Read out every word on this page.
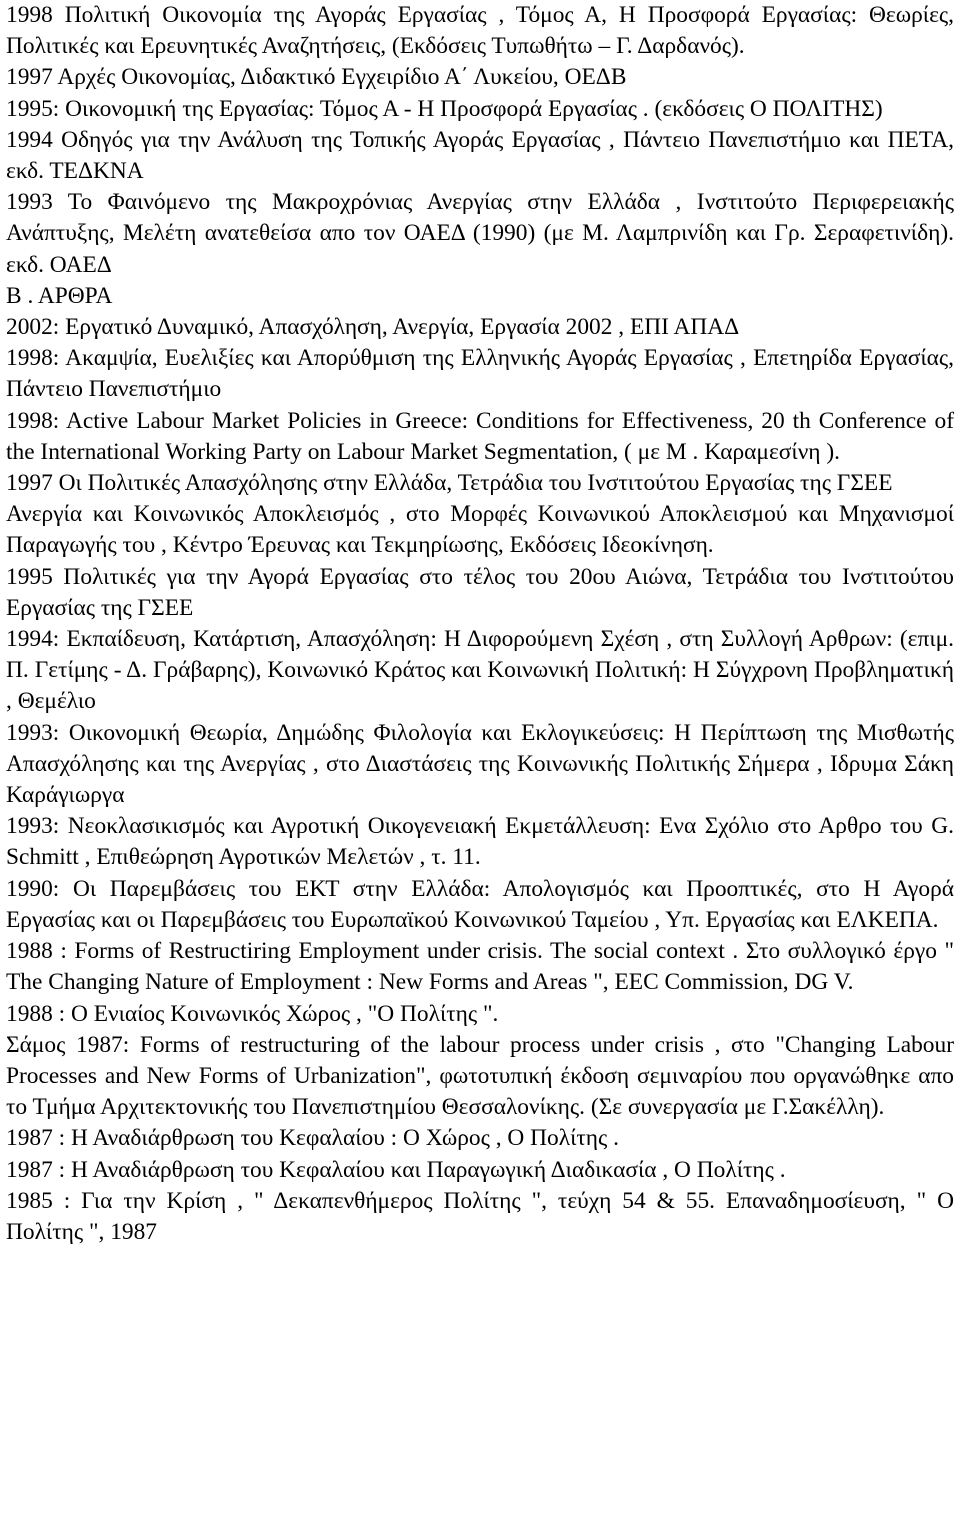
1998 Πολιτική Οικονομία της Αγοράς Εργασίας , Τόμος Α, Η Προσφορά Εργασίας: Θεωρίες, Πολιτικές και Ερευνητικές Αναζητήσεις, (Εκδόσεις Τυπωθήτω – Γ. Δαρδανός).

1997 Αρχές Οικονομίας, Διδακτικό Εγχειρίδιο Α΄ Λυκείου, ΟΕΔΒ

1995: Οικονομική της Εργασίας: Τόμος Α - Η Προσφορά Εργασίας . (εκδόσεις Ο ΠΟΛΙΤΗΣ)

1994 Οδηγός για την Ανάλυση της Τοπικής Αγοράς Εργασίας , Πάντειο Πανεπιστήμιο και ΠΕΤΑ, εκδ. ΤΕΔΚΝΑ

1993 Το Φαινόμενο της Μακροχρόνιας Ανεργίας στην Ελλάδα , Ινστιτούτο Περιφερειακής Ανάπτυξης, Μελέτη ανατεθείσα απο τον ΟΑΕΔ (1990) (με Μ. Λαμπρινίδη και Γρ. Σεραφετινίδη). εκδ. ΟΑΕΔ

Β . ΑΡΘΡΑ

2002: Εργατικό Δυναμικό, Απασχόληση, Ανεργία, Εργασία 2002 , ΕΠΙ ΑΠΑΔ

1998: Ακαμψία, Ευελιξίες και Απορύθμιση της Ελληνικής Αγοράς Εργασίας , Επετηρίδα Εργασίας, Πάντειο Πανεπιστήμιο

1998: Active Labour Market Policies in Greece: Conditions for Effectiveness, 20 th Conference of the International Working Party on Labour Market Segmentation, ( με Μ . Καραμεσίνη ).

1997 Οι Πολιτικές Απασχόλησης στην Ελλάδα, Τετράδια του Ινστιτούτου Εργασίας της ΓΣΕΕ

Ανεργία και Κοινωνικός Αποκλεισμός , στο Μορφές Κοινωνικού Αποκλεισμού και Μηχανισμοί Παραγωγής του , Κέντρο Έρευνας και Τεκμηρίωσης, Εκδόσεις Ιδεοκίνηση.

1995 Πολιτικές για την Αγορά Εργασίας στο τέλος του 20ου Αιώνα, Τετράδια του Ινστιτούτου Εργασίας της ΓΣΕΕ

1994: Εκπαίδευση, Κατάρτιση, Απασχόληση: Η Διφορούμενη Σχέση , στη Συλλογή Αρθρων: (επιμ. Π. Γετίμης - Δ. Γράβαρης), Κοινωνικό Κράτος και Κοινωνική Πολιτική: Η Σύγχρονη Προβληματική , Θεμέλιο

1993: Οικονομική Θεωρία, Δημώδης Φιλολογία και Εκλογικεύσεις: Η Περίπτωση της Μισθωτής Απασχόλησης και της Ανεργίας , στο Διαστάσεις της Κοινωνικής Πολιτικής Σήμερα , Ιδρυμα Σάκη Καράγιωργα

1993: Νεοκλασικισμός και Αγροτική Οικογενειακή Εκμετάλλευση: Ενα Σχόλιο στο Αρθρο του G. Schmitt , Επιθεώρηση Αγροτικών Μελετών , τ. 11.

1990: Οι Παρεμβάσεις του ΕΚΤ στην Ελλάδα: Απολογισμός και Προοπτικές, στο Η Αγορά Εργασίας και οι Παρεμβάσεις του Ευρωπαϊκού Κοινωνικού Ταμείου , Υπ. Εργασίας και ΕΛΚΕΠΑ.

1988 : Forms of Restructiring Employment under crisis. The social context . Στο συλλογικό έργο " The Changing Nature of Employment : New Forms and Areas ", EEC Commission, DG V.

1988 : Ο Ενιαίος Κοινωνικός Χώρος , "Ο Πολίτης ".

Σάμος 1987: Forms of restructuring of the labour process under crisis , στο "Changing Labour Processes and New Forms of Urbanization", φωτοτυπική έκδοση σεμιναρίου που οργανώθηκε απο το Τμήμα Αρχιτεκτονικής του Πανεπιστημίου Θεσσαλονίκης. (Σε συνεργασία με Γ.Σακέλλη).

1987 : Η Αναδιάρθρωση του Κεφαλαίου : Ο Χώρος , Ο Πολίτης .

1987 : Η Αναδιάρθρωση του Κεφαλαίου και Παραγωγική Διαδικασία , Ο Πολίτης .

1985 : Για την Κρίση , " Δεκαπενθήμερος Πολίτης ", τεύχη 54 & 55. Επαναδημοσίευση, " Ο Πολίτης ", 1987
